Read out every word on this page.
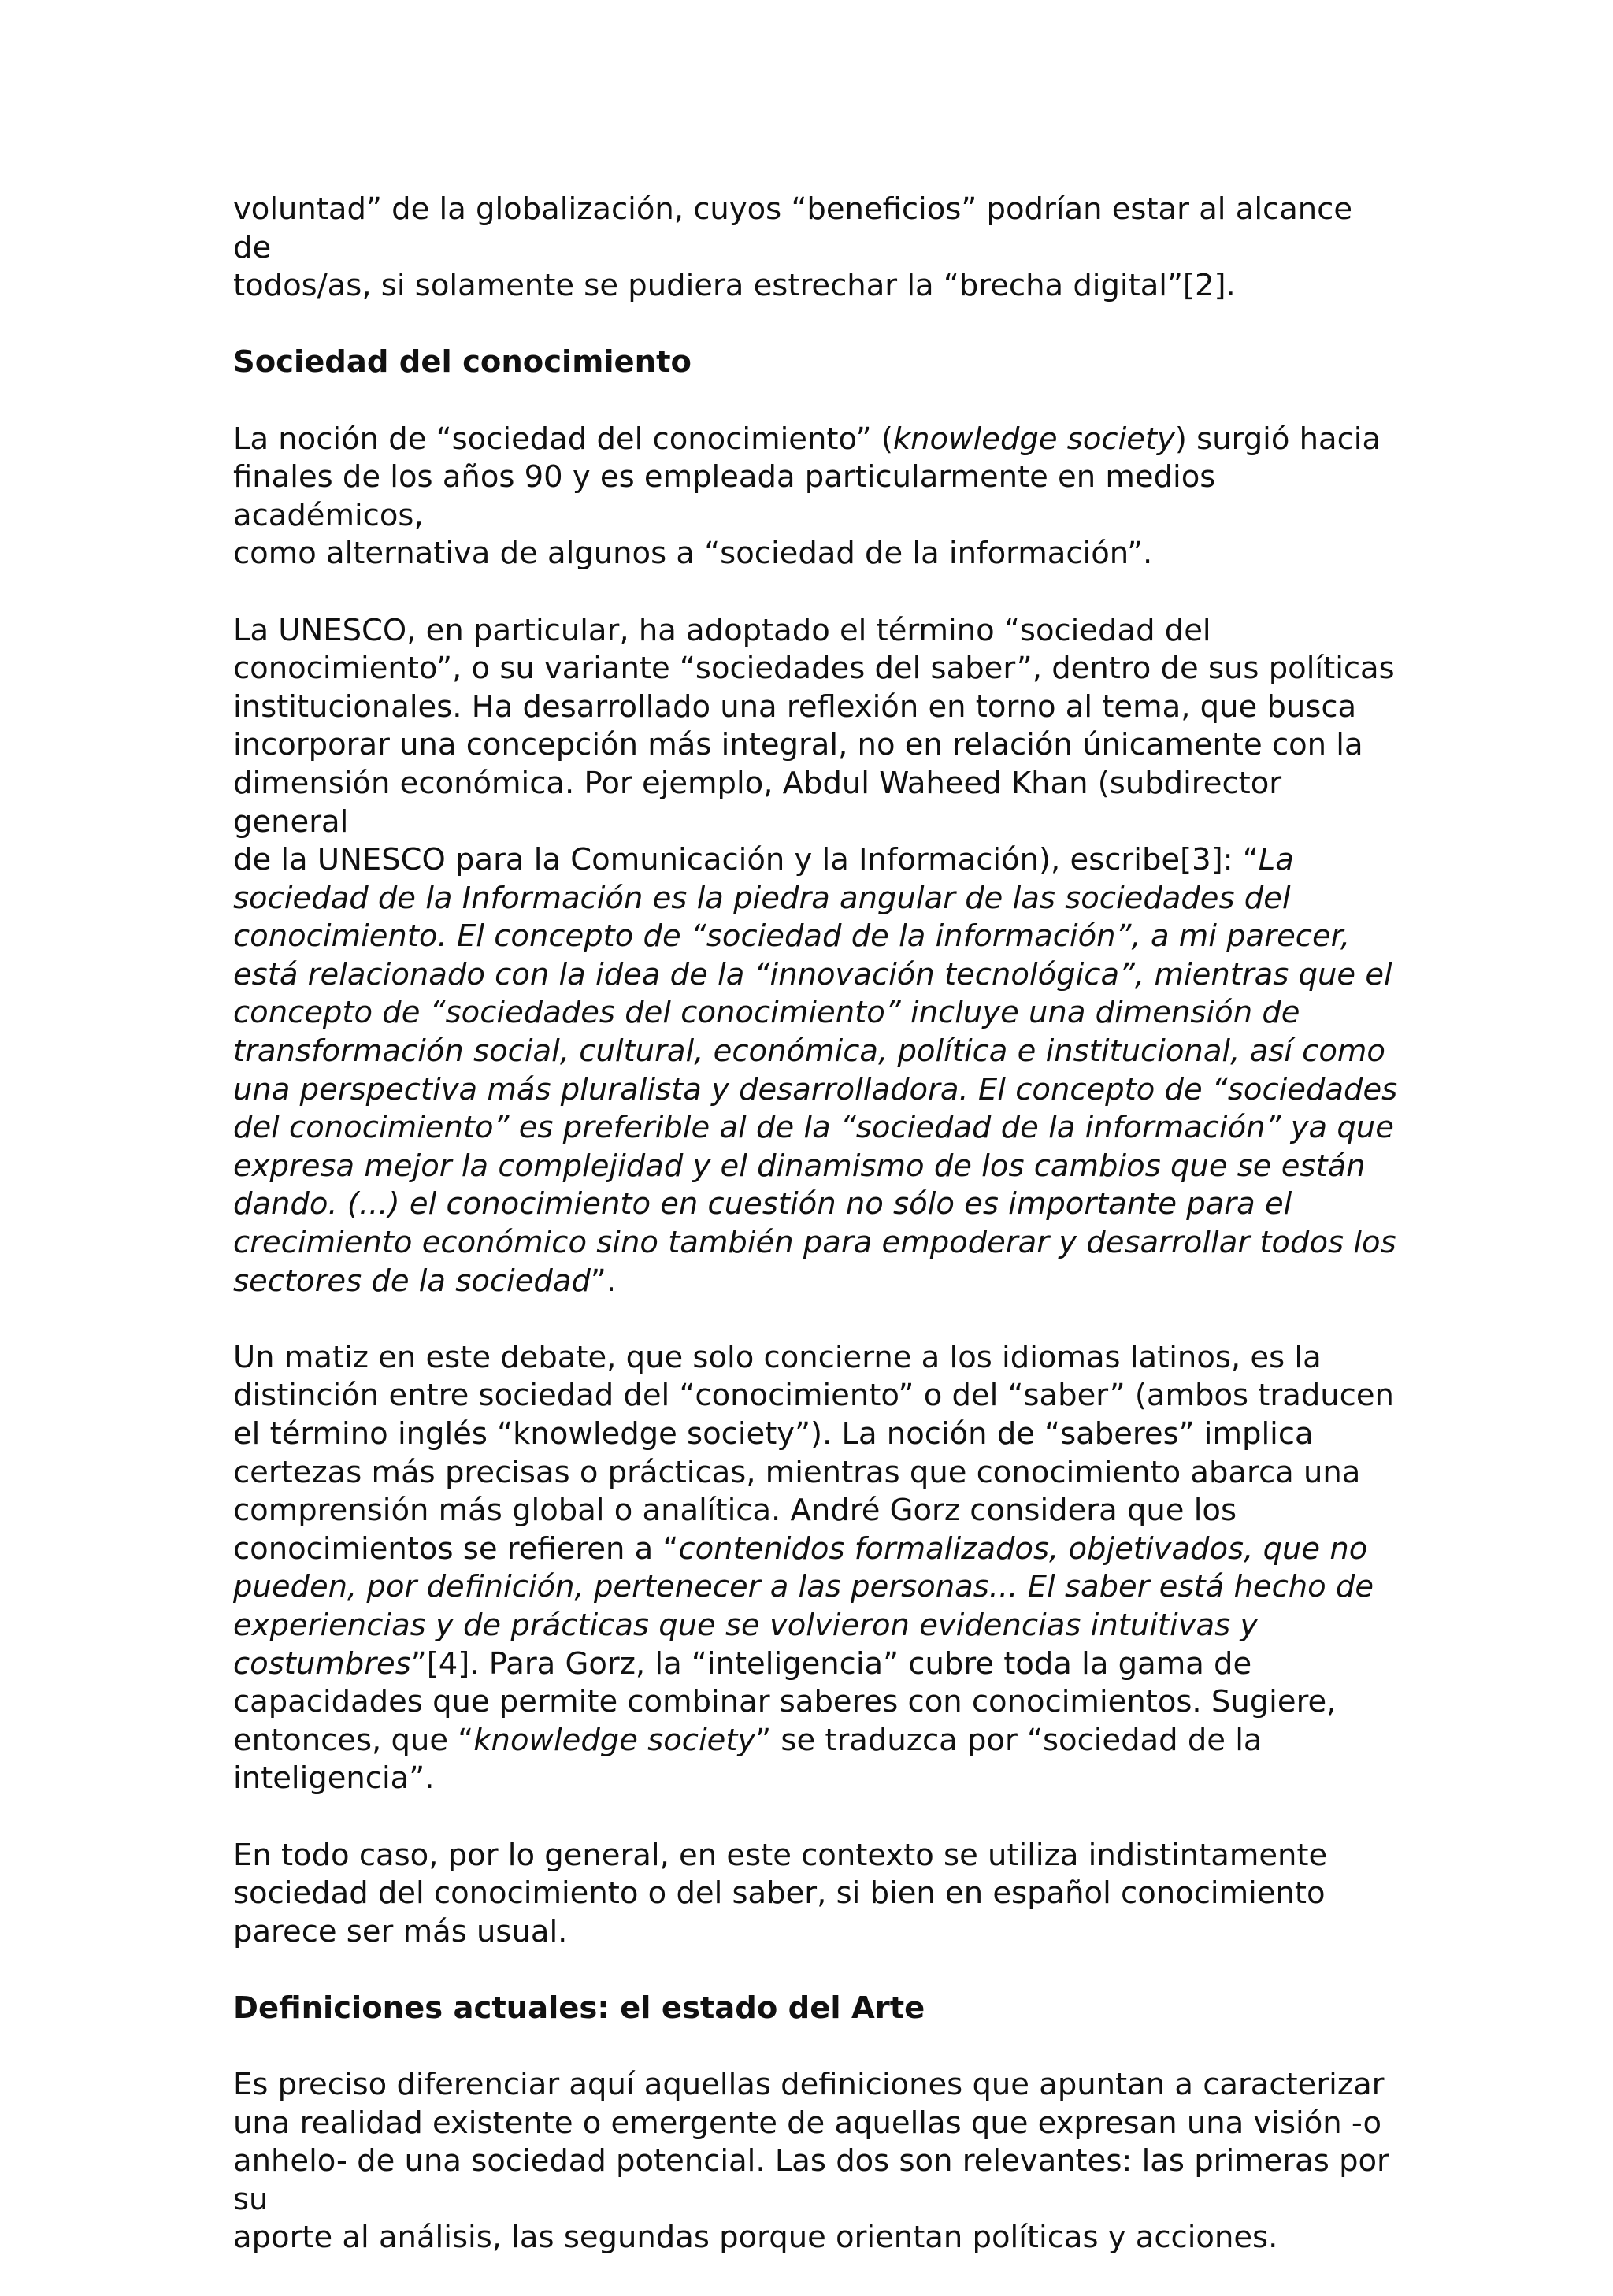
voluntad” de la globalización, cuyos “beneficios” podrían estar al alcance de
todos/as, si solamente se pudiera estrechar la “brecha digital”[2].

Sociedad del conocimiento

La noción de “sociedad del conocimiento” (knowledge society) surgió hacia
finales de los años 90 y es empleada particularmente en medios académicos,
como alternativa de algunos a “sociedad de la información”.

La UNESCO, en particular, ha adoptado el término “sociedad del
conocimiento”, o su variante “sociedades del saber”, dentro de sus políticas
institucionales. Ha desarrollado una reflexión en torno al tema, que busca
incorporar una concepción más integral, no en relación únicamente con la
dimensión económica. Por ejemplo, Abdul Waheed Khan (subdirector general
de la UNESCO para la Comunicación y la Información), escribe[3]: “La
sociedad de la Información es la piedra angular de las sociedades del
conocimiento. El concepto de “sociedad de la información”, a mi parecer,
está relacionado con la idea de la “innovación tecnológica”, mientras que el
concepto de “sociedades del conocimiento” incluye una dimensión de
transformación social, cultural, económica, política e institucional, así como
una perspectiva más pluralista y desarrolladora. El concepto de “sociedades
del conocimiento” es preferible al de la “sociedad de la información” ya que
expresa mejor la complejidad y el dinamismo de los cambios que se están
dando. (...) el conocimiento en cuestión no sólo es importante para el
crecimiento económico sino también para empoderar y desarrollar todos los
sectores de la sociedad”.

Un matiz en este debate, que solo concierne a los idiomas latinos, es la
distinción entre sociedad del “conocimiento” o del “saber” (ambos traducen
el término inglés “knowledge society”). La noción de “saberes” implica
certezas más precisas o prácticas, mientras que conocimiento abarca una
comprensión más global o analítica. André Gorz considera que los
conocimientos se refieren a “contenidos formalizados, objetivados, que no
pueden, por definición, pertenecer a las personas... El saber está hecho de
experiencias y de prácticas que se volvieron evidencias intuitivas y
costumbres”[4]. Para Gorz, la “inteligencia” cubre toda la gama de
capacidades que permite combinar saberes con conocimientos. Sugiere,
entonces, que “knowledge society” se traduzca por “sociedad de la
inteligencia”.

En todo caso, por lo general, en este contexto se utiliza indistintamente
sociedad del conocimiento o del saber, si bien en español conocimiento
parece ser más usual.

Definiciones actuales: el estado del Arte

Es preciso diferenciar aquí aquellas definiciones que apuntan a caracterizar
una realidad existente o emergente de aquellas que expresan una visión -o
anhelo- de una sociedad potencial. Las dos son relevantes: las primeras por su
aporte al análisis, las segundas porque orientan políticas y acciones.
